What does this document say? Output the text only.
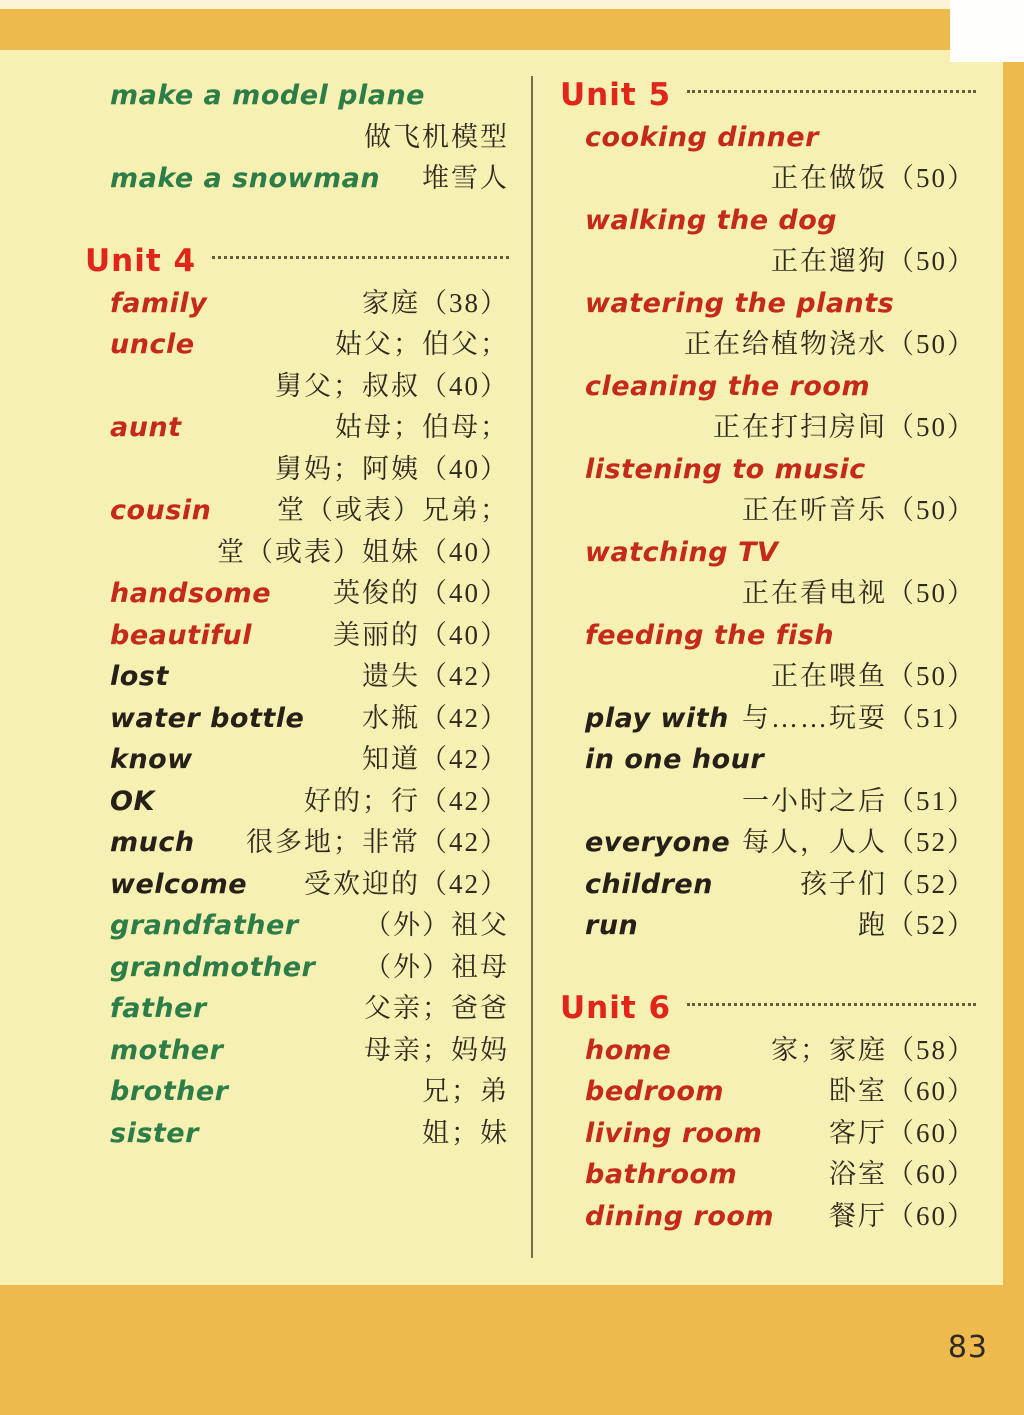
make a model plane
做飞机模型
make a snowman 堆雪人
Unit 4
family	家庭（38）
uncle	姑父；伯父；
舅父；叔叔（40）
aunt	姑母；伯母；
舅妈；阿姨（40）
cousin 堂（或表）兄弟；
堂（或表）姐妹（40）
handsome 英俊的（40）
beautiful	美丽的（40）
lost	遗失（42）
water bottle 水瓶（42）
know	知道（42）
OK	好的；行（42）
much 很多地；非常（42）
welcome 受欢迎的（42）
grandfather （外）祖父
grandmother （外）祖母
father	父亲；爸爸
mother	母亲；妈妈
brother	兄；弟
sister	姐；妹
Unit 5
cooking dinner
正在做饭（50）
walking the dog
正在遛狗（50）
watering the plants
正在给植物浇水（50）
cleaning the room
正在打扫房间（50）
listening to music
正在听音乐（50）
watching TV
正在看电视（50）
feeding the fish
正在喂鱼（50）
play with 与……玩耍（51）
in one hour
一小时之后（51）
everyone 每人，人人（52）
children	孩子们（52）
run	跑（52）
Unit 6
home	家；家庭（58）
bedroom	卧室（60）
living room 客厅（60）
bathroom	浴室（60）
dining room 餐厅（60）
83
